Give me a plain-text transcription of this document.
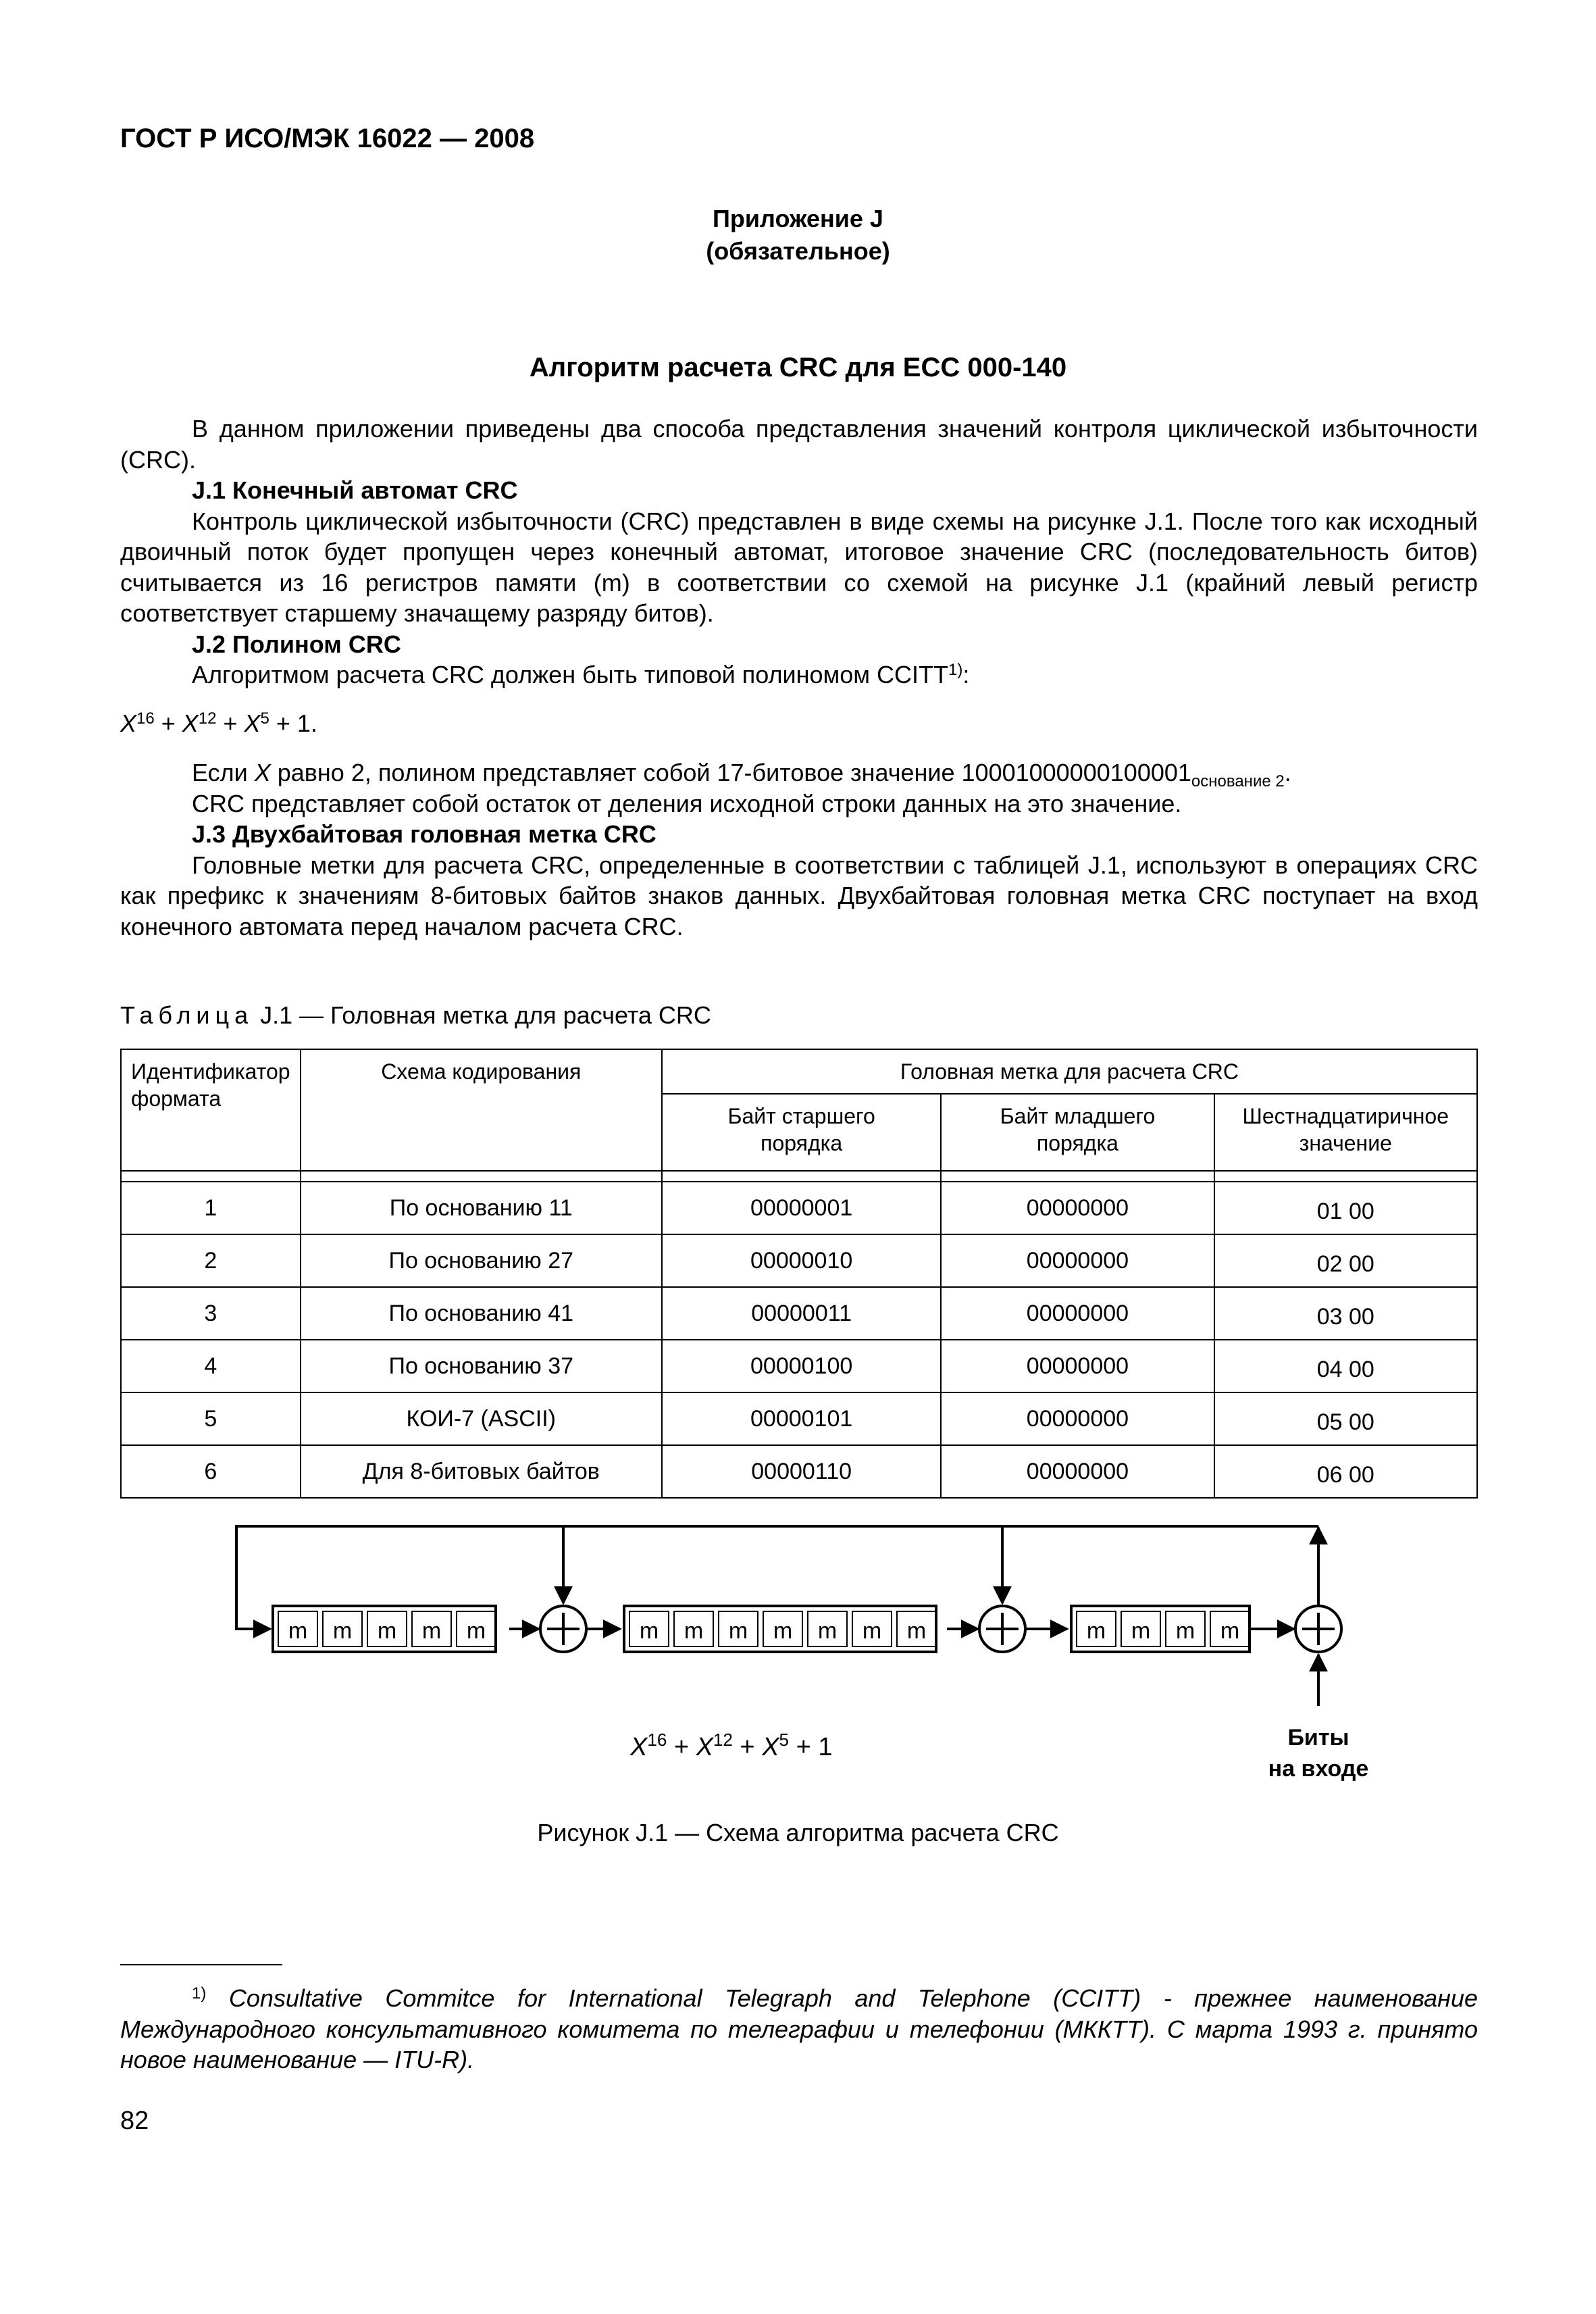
ГОСТ Р ИСО/МЭК 16022 — 2008
Приложение J
(обязательное)
Алгоритм расчета CRC для ЕСС 000-140

В данном приложении приведены два способа представления значений контроля циклической избыточности (CRC).

J.1 Конечный автомат CRC

Контроль циклической избыточности (CRC) представлен в виде схемы на рисунке J.1. После того как исходный двоичный поток будет пропущен через конечный автомат, итоговое значение CRC (последовательность битов) считывается из 16 регистров памяти (m) в соответствии со схемой на рисунке J.1 (крайний левый регистр соответствует старшему значащему разряду битов).

J.2 Полином CRC

Алгоритмом расчета CRC должен быть типовой полиномом CCITT$^{1)}$:

$X^{16} + X^{12} + X^5 + 1$.

Если X равно 2, полином представляет собой 17-битовое значение $10001000000100001_{основание 2}$.

CRC представляет собой остаток от деления исходной строки данных на это значение.

J.3 Двухбайтовая головная метка CRC

Головные метки для расчета CRC, определенные в соответствии с таблицей J.1, используют в операциях CRC как префикс к значениям 8-битовых байтов знаков данных. Двухбайтовая головная метка CRC поступает на вход конечного автомата перед началом расчета CRC.

Таблица J.1 — Головная метка для расчета CRC
Идентификатор формата	Схема кодирования	Головная метка для расчета CRC		
		Байт старшего порядка	Байт младшего порядка	Шестнадцатиричное значение

1	По основанию 11	00000001	00000000	01 00
2	По основанию 27	00000010	00000000	02 00
3	По основанию 41	00000011	00000000	03 00
4	По основанию 37	00000100	00000000	04 00
5	КОИ-7 (ASCII)	00000101	00000000	05 00
6	Для 8-битовых байтов	00000110	00000000	06 00
m m m m m	m m m m m m m	m m m m
$X^{16} + X^{12} + X^5 + 1$	Биты
на входе
Рисунок J.1 — Схема алгоритма расчета CRC
$^{1)}$ Consultative Commitce for International Telegraph and Telephone (CCITT) - прежнее наименование Международного консультативного комитета по телеграфии и телефонии (МККТТ). С марта 1993 г. принято новое наименование — ITU-R).
82
